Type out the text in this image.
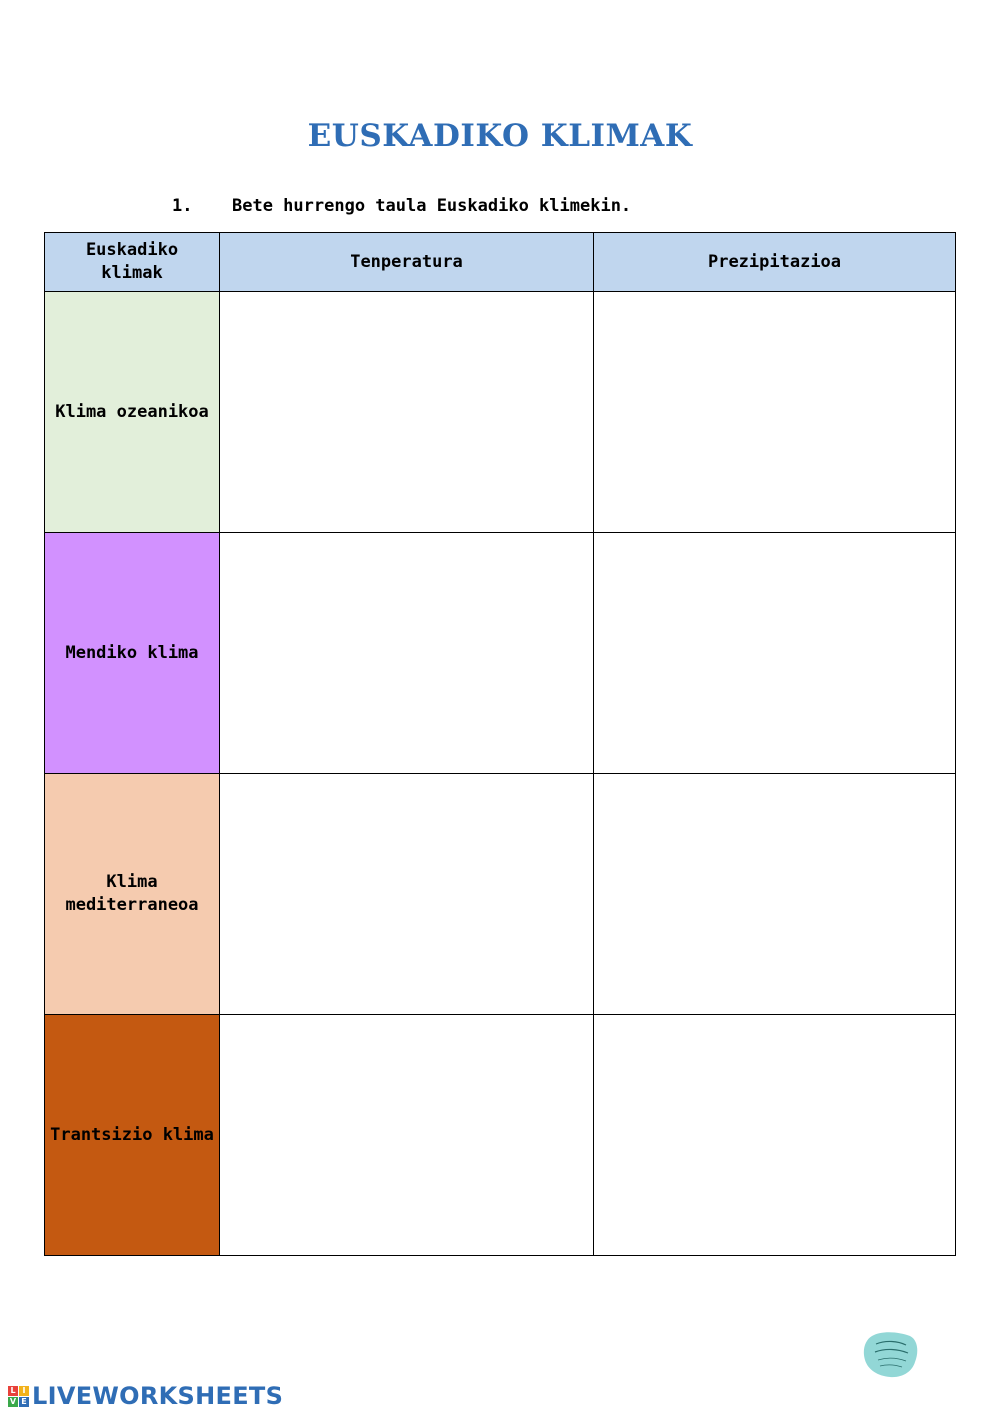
EUSKADIKO KLIMAK
1. Bete hurrengo taula Euskadiko klimekin.
Euskadiko klimak	Tenperatura	Prezipitazioa
Klima ozeanikoa		
Mendiko klima		
Klima mediterraneoa		
Trantsizio klima		
L I
V E LIVEWORKSHEETS
